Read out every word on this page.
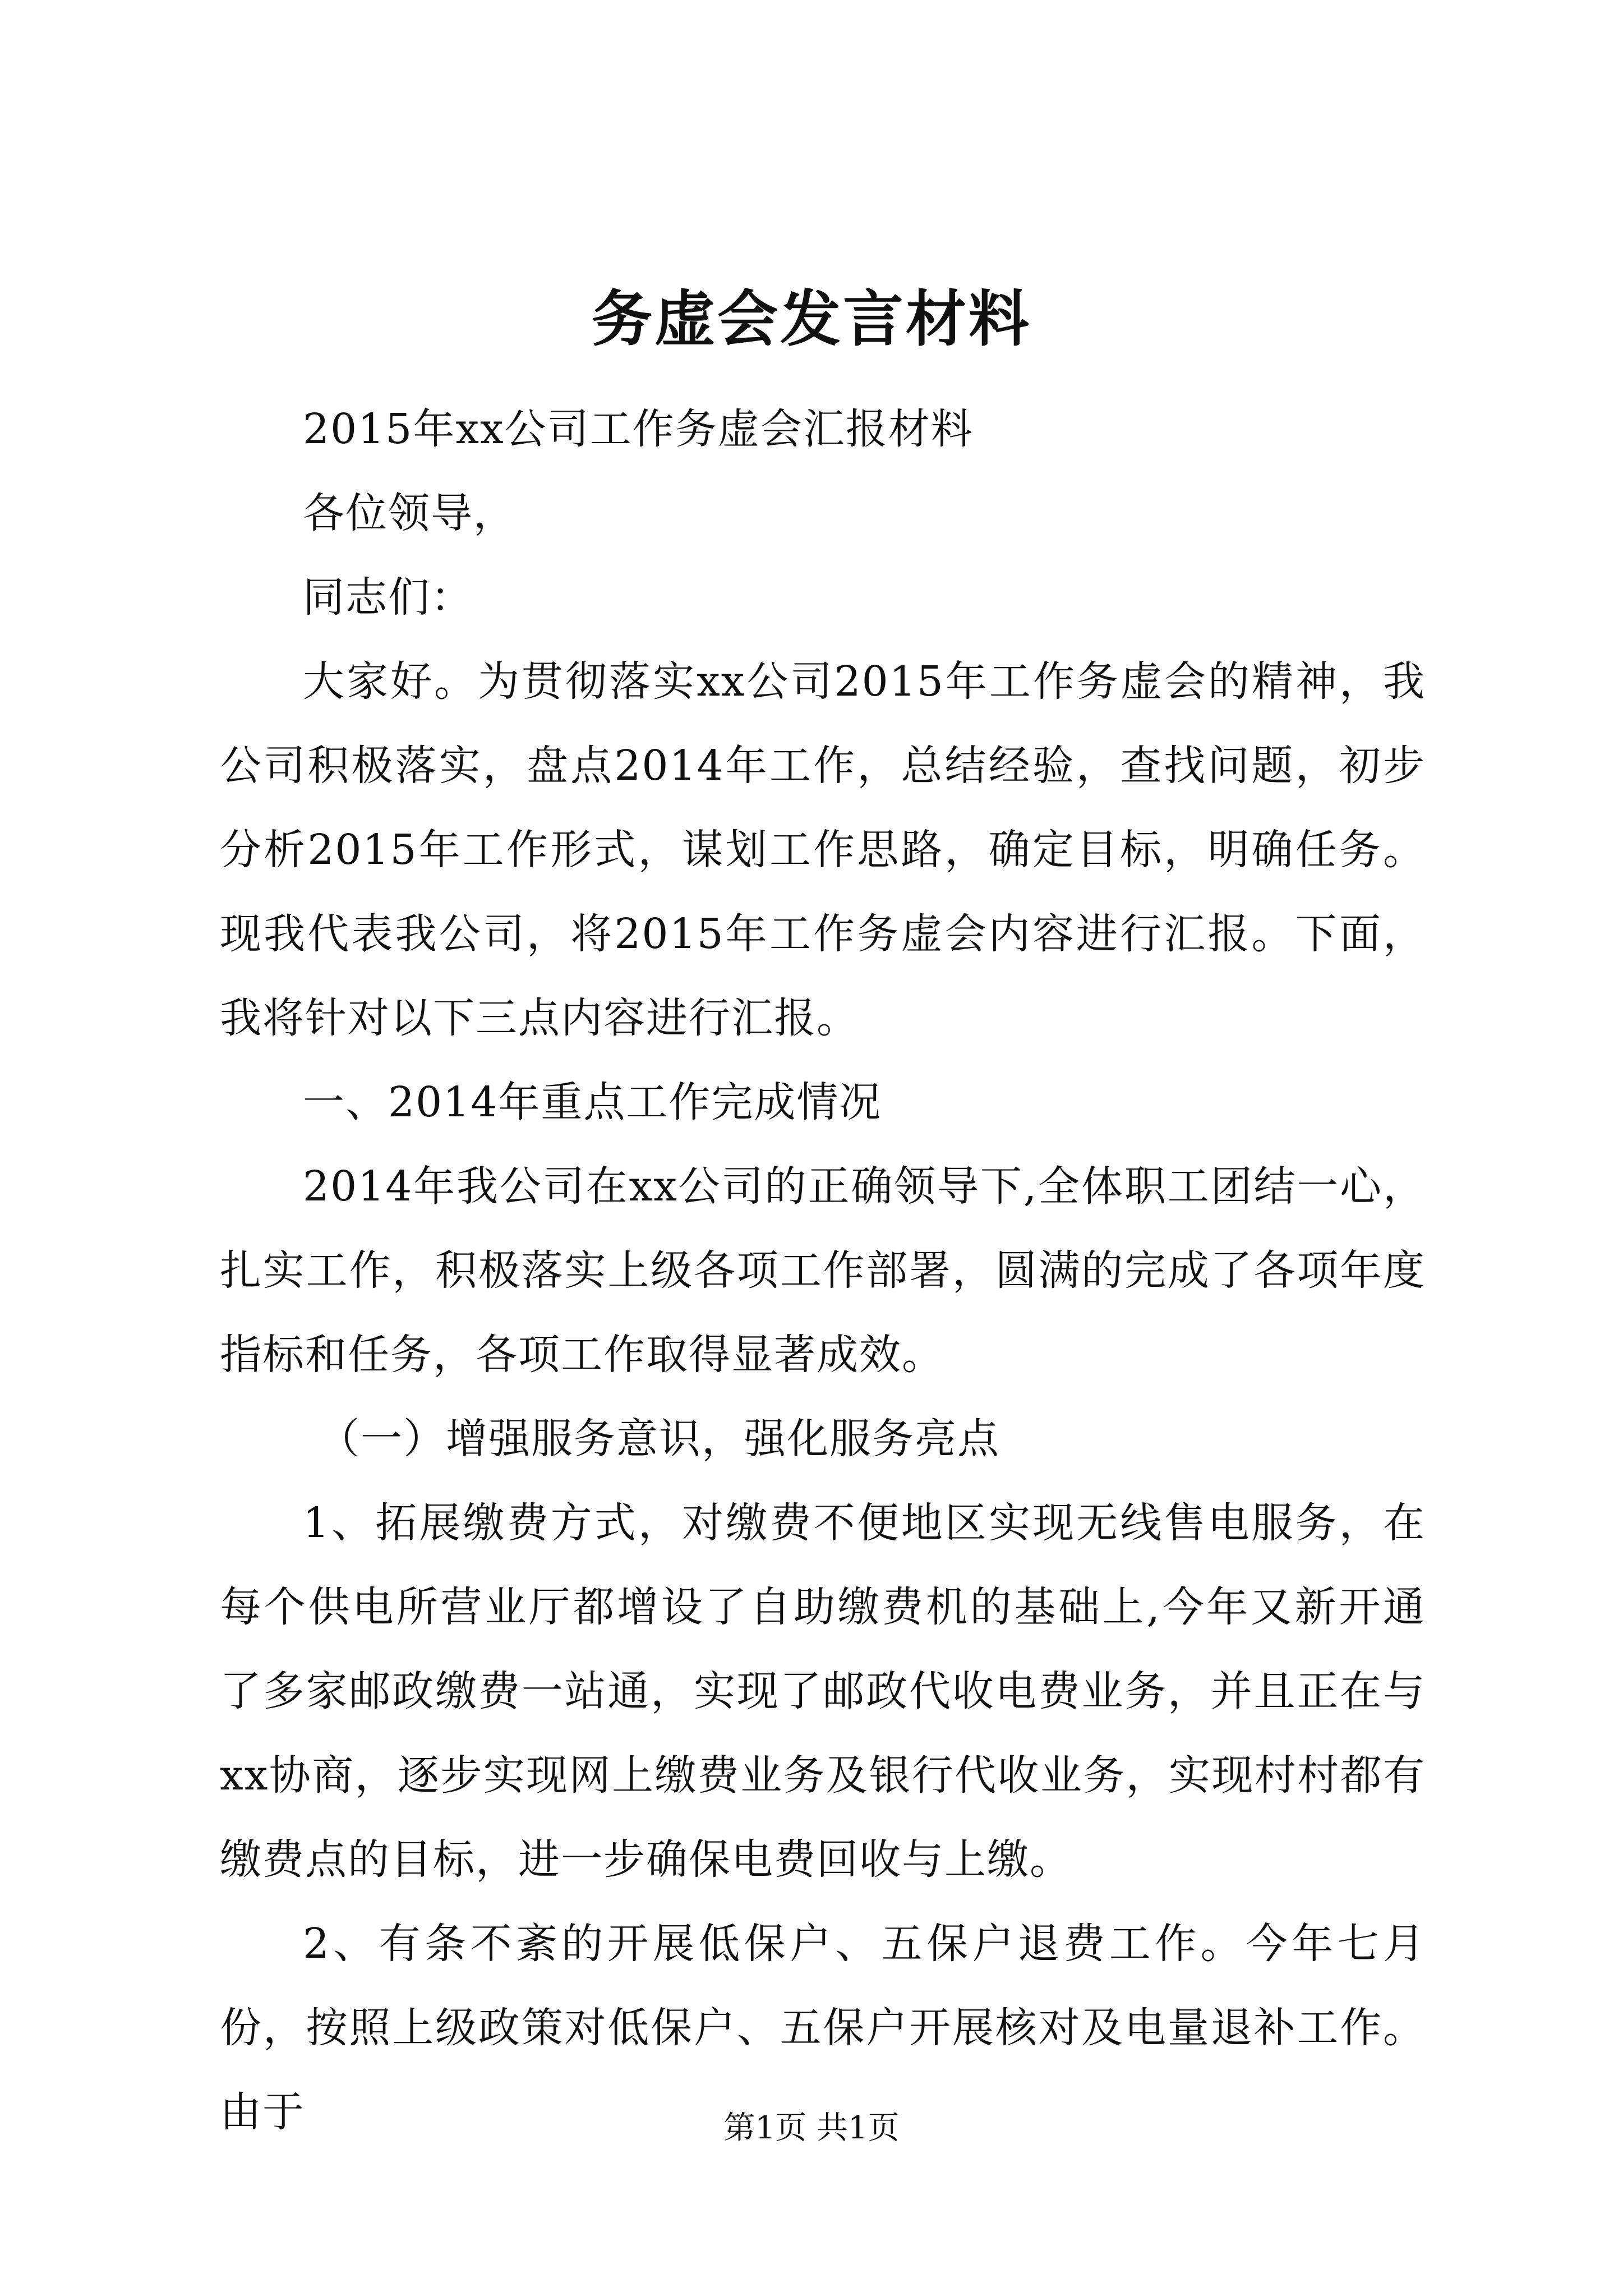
务虚会发言材料

2015年xx公司工作务虚会汇报材料

各位领导，

同志们：

大家好。为贯彻落实xx公司2015年工作务虚会的精神，我公司积极落实，盘点2014年工作，总结经验，查找问题，初步分析2015年工作形式，谋划工作思路，确定目标，明确任务。现我代表我公司，将2015年工作务虚会内容进行汇报。下面，我将针对以下三点内容进行汇报。

一、2014年重点工作完成情况

2014年我公司在xx公司的正确领导下,全体职工团结一心，扎实工作，积极落实上级各项工作部署，圆满的完成了各项年度指标和任务，各项工作取得显著成效。

（一）增强服务意识，强化服务亮点

1、拓展缴费方式，对缴费不便地区实现无线售电服务，在每个供电所营业厅都增设了自助缴费机的基础上,今年又新开通了多家邮政缴费一站通，实现了邮政代收电费业务，并且正在与xx协商，逐步实现网上缴费业务及银行代收业务，实现村村都有缴费点的目标，进一步确保电费回收与上缴。

2、有条不紊的开展低保户、五保户退费工作。今年七月份，按照上级政策对低保户、五保户开展核对及电量退补工作。由于	第1页 共1页
